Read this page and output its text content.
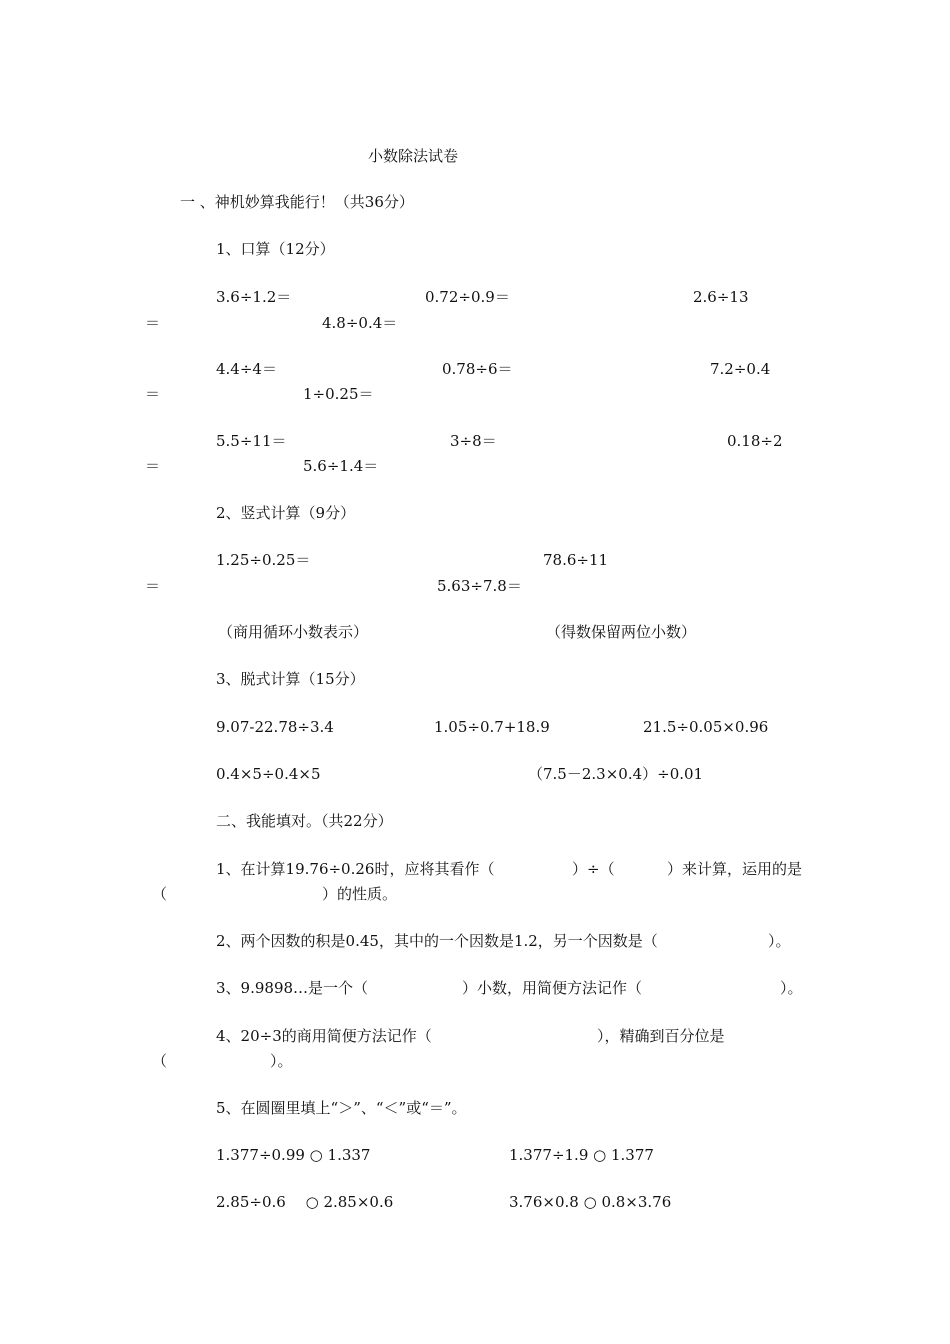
小数除法试卷
一 、神机妙算我能行！（共36分）
1、口算（12分）
3.6÷1.2＝	0.72÷0.9＝	2.6÷13
＝	4.8÷0.4＝
4.4÷4＝	0.78÷6＝	7.2÷0.4
＝	1÷0.25＝
5.5÷11＝	3÷8＝	0.18÷2
＝	5.6÷1.4＝
2、竖式计算（9分）
1.25÷0.25＝	78.6÷11
＝	5.63÷7.8＝
（商用循环小数表示）	（得数保留两位小数）
3、脱式计算（15分）
9.07-22.78÷3.4	1.05÷0.7+18.9	21.5÷0.05×0.96
0.4×5÷0.4×5	（7.5－2.3×0.4）÷0.01
二、我能填对。（共22分）
1、在计算19.76÷0.26时，应将其看作（	）÷（	）来计算，运用的是
（	）的性质。
2、两个因数的积是0.45，其中的一个因数是1.2，另一个因数是（	）。
3、9.9898…是一个（	）小数，用简便方法记作（	）。
4、20÷3的商用简便方法记作（	），精确到百分位是
（	）。
5、在圆圈里填上“＞”、“＜”或“＝”。
1.377÷0.99 ○ 1.337	1.377÷1.9 ○ 1.377
2.85÷0.6 　○ 2.85×0.6	3.76×0.8 ○ 0.8×3.76
